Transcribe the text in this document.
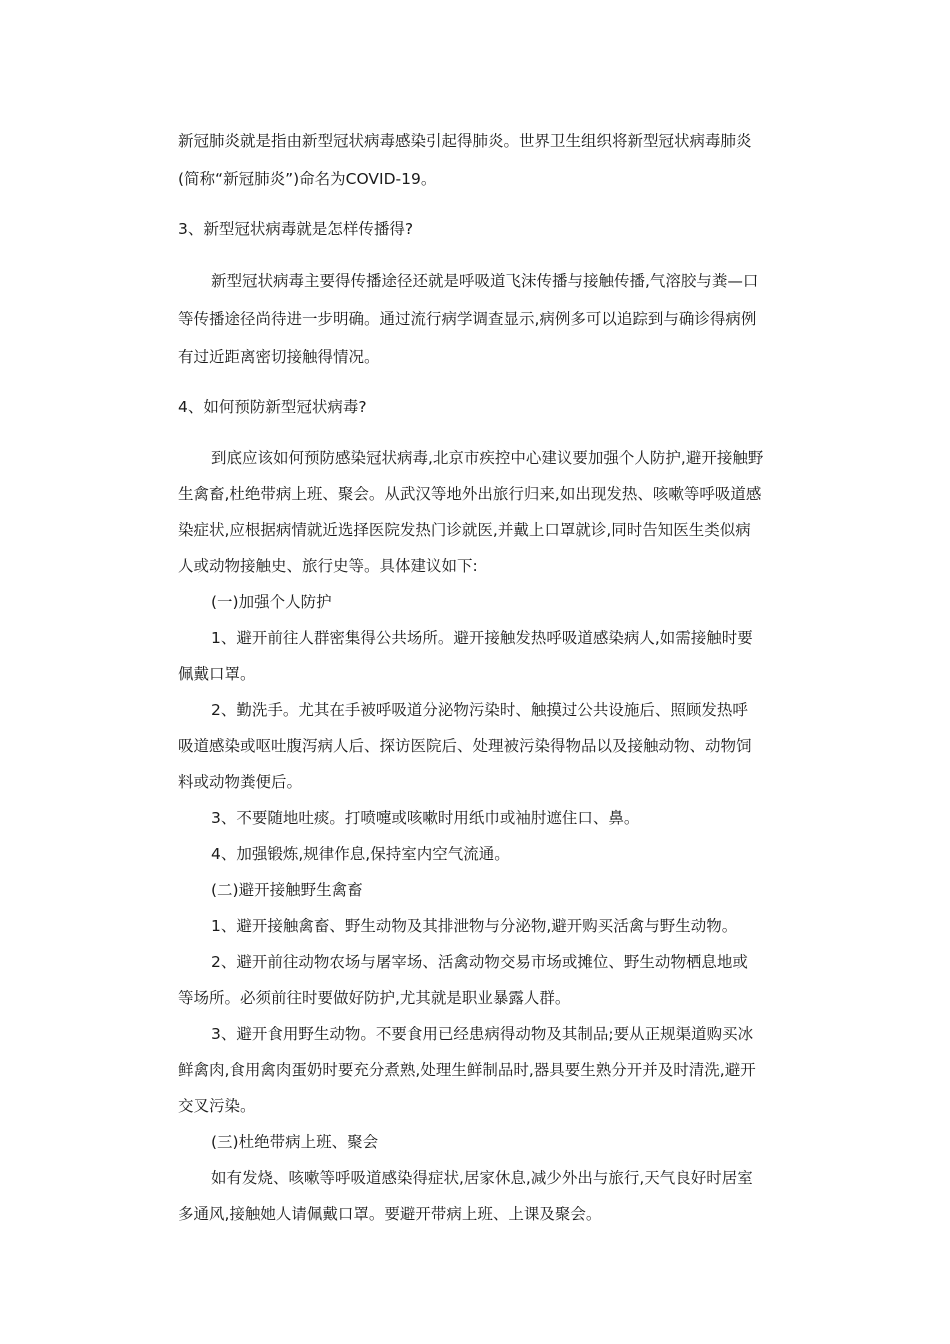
新冠肺炎就是指由新型冠状病毒感染引起得肺炎。世界卫生组织将新型冠状病毒肺炎

(简称“新冠肺炎”)命名为COVID-19。

3、新型冠状病毒就是怎样传播得?

新型冠状病毒主要得传播途径还就是呼吸道飞沫传播与接触传播,气溶胶与粪—口

等传播途径尚待进一步明确。通过流行病学调查显示,病例多可以追踪到与确诊得病例

有过近距离密切接触得情况。

4、如何预防新型冠状病毒?

到底应该如何预防感染冠状病毒,北京市疾控中心建议要加强个人防护,避开接触野

生禽畜,杜绝带病上班、聚会。从武汉等地外出旅行归来,如出现发热、咳嗽等呼吸道感

染症状,应根据病情就近选择医院发热门诊就医,并戴上口罩就诊,同时告知医生类似病

人或动物接触史、旅行史等。具体建议如下:

(一)加强个人防护

1、避开前往人群密集得公共场所。避开接触发热呼吸道感染病人,如需接触时要

佩戴口罩。

2、勤洗手。尤其在手被呼吸道分泌物污染时、触摸过公共设施后、照顾发热呼

吸道感染或呕吐腹泻病人后、探访医院后、处理被污染得物品以及接触动物、动物饲

料或动物粪便后。

3、不要随地吐痰。打喷嚏或咳嗽时用纸巾或袖肘遮住口、鼻。

4、加强锻炼,规律作息,保持室内空气流通。

(二)避开接触野生禽畜

1、避开接触禽畜、野生动物及其排泄物与分泌物,避开购买活禽与野生动物。

2、避开前往动物农场与屠宰场、活禽动物交易市场或摊位、野生动物栖息地或

等场所。必须前往时要做好防护,尤其就是职业暴露人群。

3、避开食用野生动物。不要食用已经患病得动物及其制品;要从正规渠道购买冰

鲜禽肉,食用禽肉蛋奶时要充分煮熟,处理生鲜制品时,器具要生熟分开并及时清洗,避开

交叉污染。

(三)杜绝带病上班、聚会

如有发烧、咳嗽等呼吸道感染得症状,居家休息,减少外出与旅行,天气良好时居室

多通风,接触她人请佩戴口罩。要避开带病上班、上课及聚会。
